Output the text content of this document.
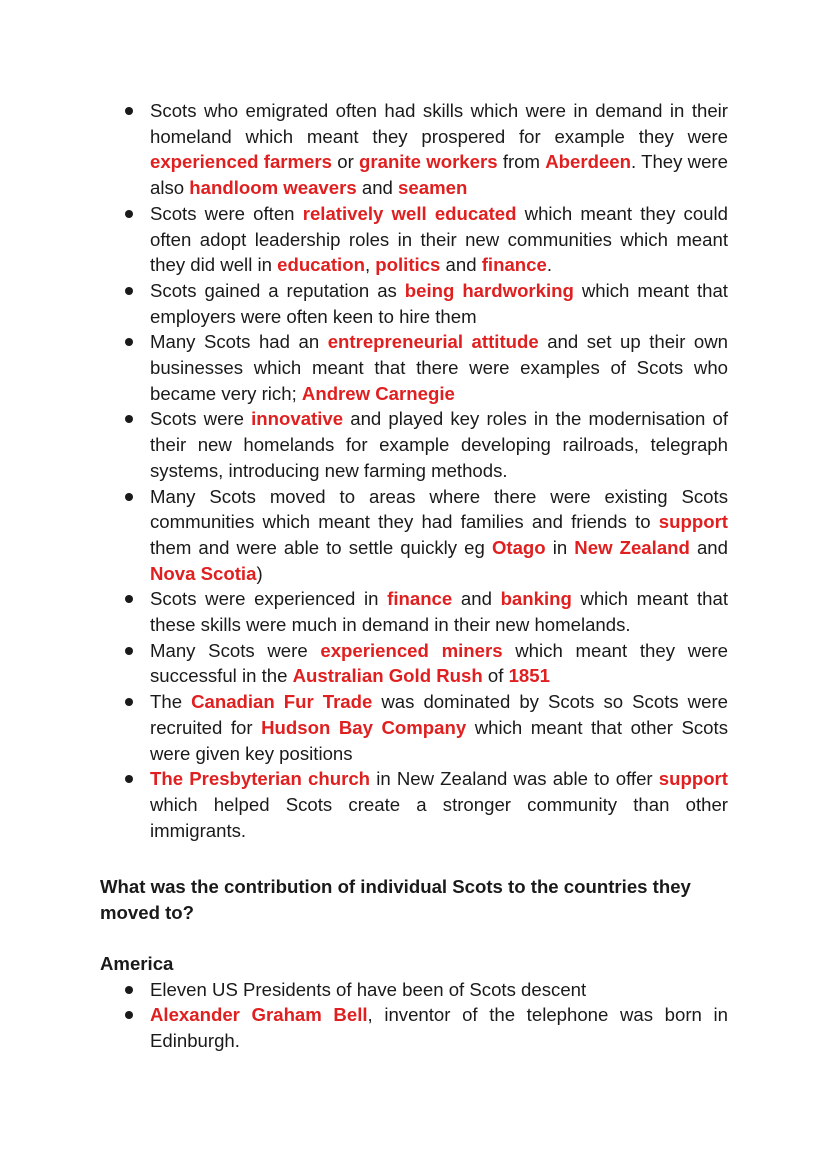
Scots who emigrated often had skills which were in demand in their homeland which meant they prospered for example they were experienced farmers or granite workers from Aberdeen. They were also handloom weavers and seamen
Scots were often relatively well educated which meant they could often adopt leadership roles in their new communities which meant they did well in education, politics and finance.
Scots gained a reputation as being hardworking which meant that employers were often keen to hire them
Many Scots had an entrepreneurial attitude and set up their own businesses which meant that there were examples of Scots who became very rich; Andrew Carnegie
Scots were innovative and played key roles in the modernisation of their new homelands for example developing railroads, telegraph systems, introducing new farming methods.
Many Scots moved to areas where there were existing Scots communities which meant they had families and friends to support them and were able to settle quickly eg Otago in New Zealand and Nova Scotia)
Scots were experienced in finance and banking which meant that these skills were much in demand in their new homelands.
Many Scots were experienced miners which meant they were successful in the Australian Gold Rush of 1851
The Canadian Fur Trade was dominated by Scots so Scots were recruited for Hudson Bay Company which meant that other Scots were given key positions
The Presbyterian church in New Zealand was able to offer support which helped Scots create a stronger community than other immigrants.
What was the contribution of individual Scots to the countries they moved to?
America
Eleven US Presidents of have been of Scots descent
Alexander Graham Bell, inventor of the telephone was born in Edinburgh.
